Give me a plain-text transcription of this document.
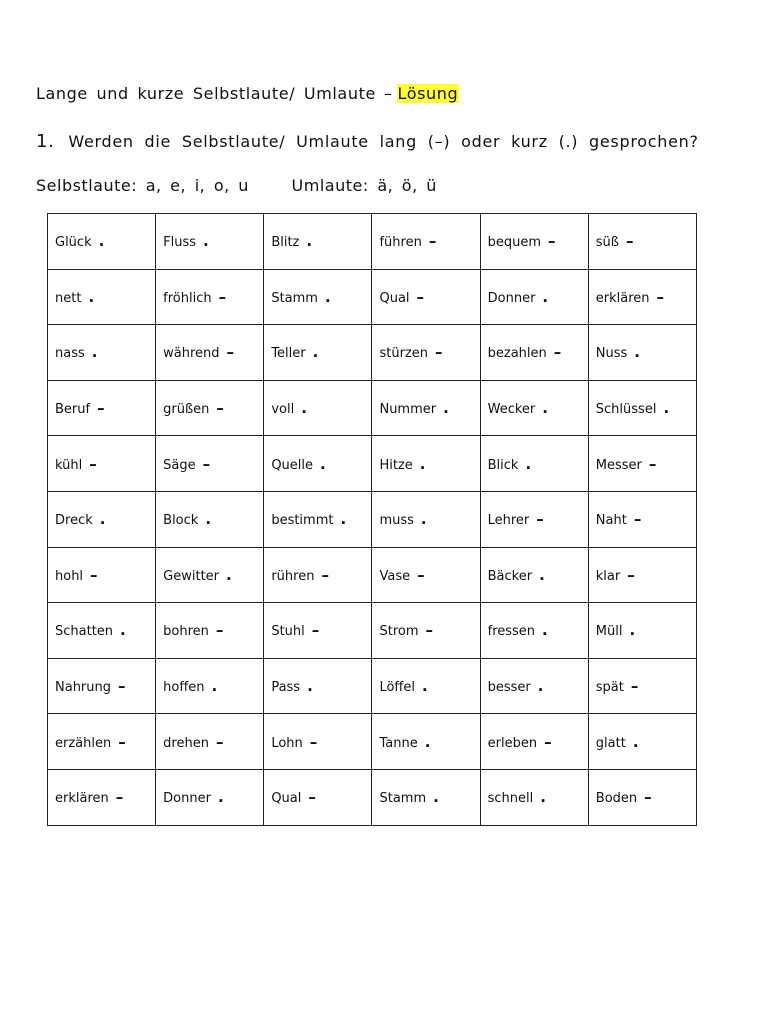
Lange und kurze Selbstlaute/ Umlaute – Lösung
1. Werden die Selbstlaute/ Umlaute lang (–) oder kurz (.) gesprochen?
Selbstlaute: a, e, i, o, u	Umlaute: ä, ö, ü
Glück .	Fluss .	Blitz .	führen –	bequem –	süß –
nett .	fröhlich –	Stamm .	Qual –	Donner .	erklären –
nass .	während –	Teller .	stürzen –	bezahlen –	Nuss .
Beruf –	grüßen –	voll .	Nummer .	Wecker .	Schlüssel .
kühl –	Säge –	Quelle .	Hitze .	Blick .	Messer –
Dreck .	Block .	bestimmt .	muss .	Lehrer –	Naht –
hohl –	Gewitter .	rühren –	Vase –	Bäcker .	klar –
Schatten .	bohren –	Stuhl –	Strom –	fressen .	Müll .
Nahrung –	hoffen .	Pass .	Löffel .	besser .	spät –
erzählen –	drehen –	Lohn –	Tanne .	erleben –	glatt .
erklären –	Donner .	Qual –	Stamm .	schnell .	Boden –
